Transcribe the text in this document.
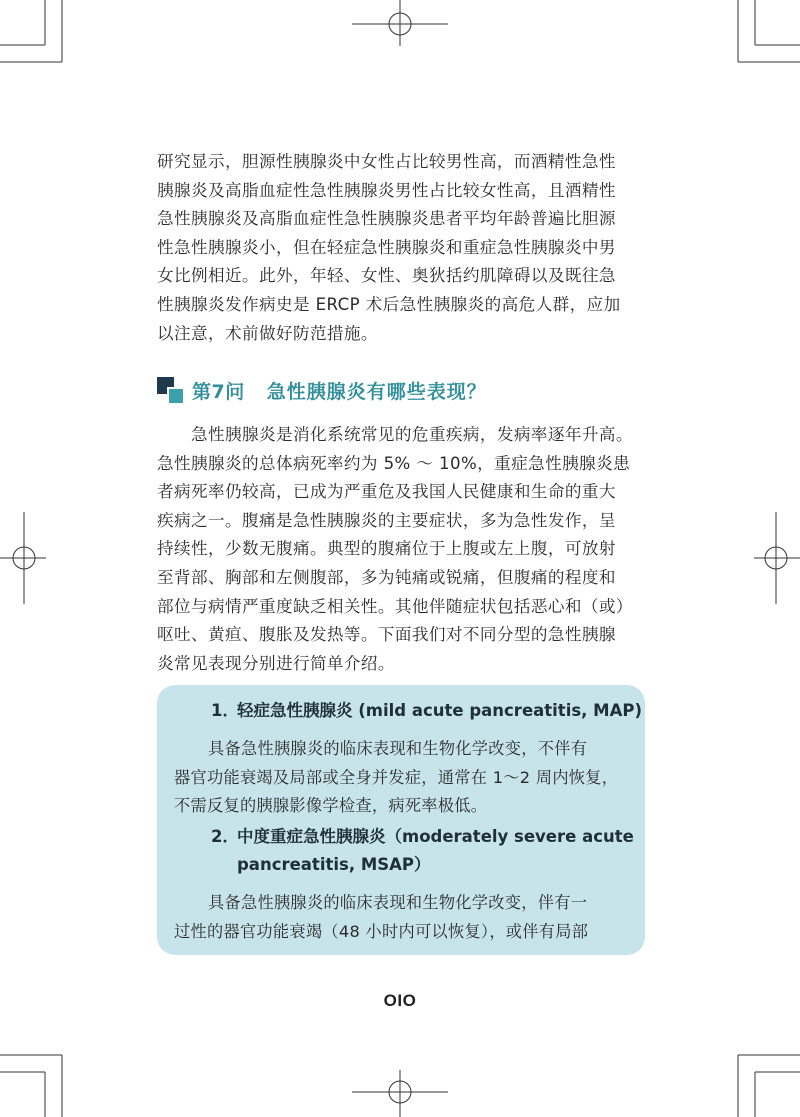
研究显示，胆源性胰腺炎中女性占比较男性高，而酒精性急性
胰腺炎及高脂血症性急性胰腺炎男性占比较女性高，且酒精性
急性胰腺炎及高脂血症性急性胰腺炎患者平均年龄普遍比胆源
性急性胰腺炎小，但在轻症急性胰腺炎和重症急性胰腺炎中男
女比例相近。此外，年轻、女性、奥狄括约肌障碍以及既往急
性胰腺炎发作病史是 ERCP 术后急性胰腺炎的高危人群，应加
以注意，术前做好防范措施。

第7问 急性胰腺炎有哪些表现？

急性胰腺炎是消化系统常见的危重疾病，发病率逐年升高。
急性胰腺炎的总体病死率约为 5% ～ 10%，重症急性胰腺炎患
者病死率仍较高，已成为严重危及我国人民健康和生命的重大
疾病之一。腹痛是急性胰腺炎的主要症状，多为急性发作，呈
持续性，少数无腹痛。典型的腹痛位于上腹或左上腹，可放射
至背部、胸部和左侧腹部，多为钝痛或锐痛，但腹痛的程度和
部位与病情严重度缺乏相关性。其他伴随症状包括恶心和（或）
呕吐、黄疸、腹胀及发热等。下面我们对不同分型的急性胰腺
炎常见表现分别进行简单介绍。

1．轻症急性胰腺炎 (mild acute pancreatitis, MAP)
具备急性胰腺炎的临床表现和生物化学改变，不伴有
器官功能衰竭及局部或全身并发症，通常在 1～2 周内恢复，
不需反复的胰腺影像学检查，病死率极低。
2．中度重症急性胰腺炎（moderately severe acute
pancreatitis, MSAP）
具备急性胰腺炎的临床表现和生物化学改变，伴有一
过性的器官功能衰竭（48 小时内可以恢复），或伴有局部
OIO
